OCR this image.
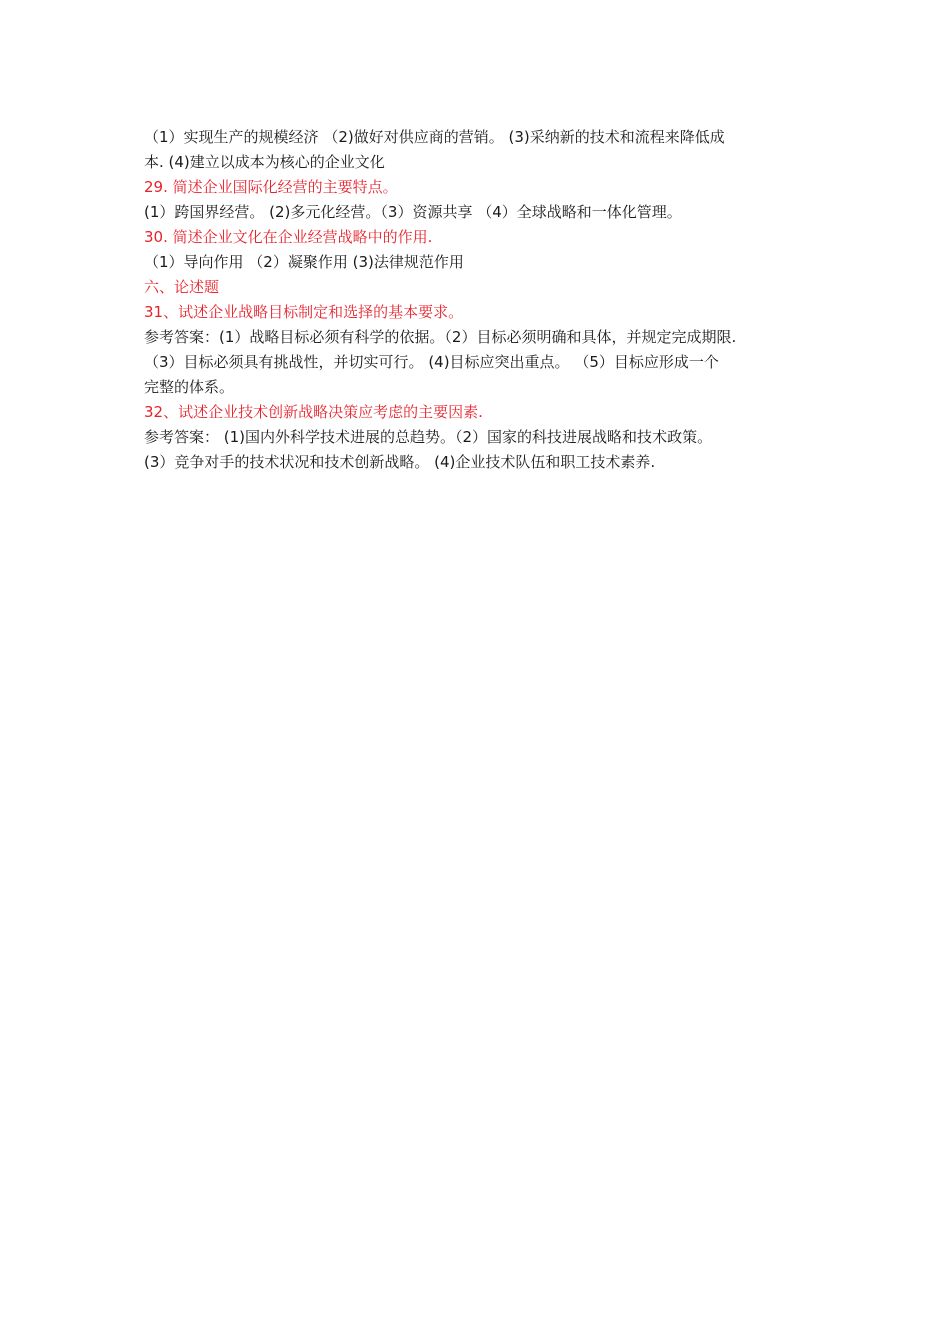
（1）实现生产的规模经济 （2)做好对供应商的营销。 (3)采纳新的技术和流程来降低成
本. (4)建立以成本为核心的企业文化
29. 简述企业国际化经营的主要特点。
(1）跨国界经营。 (2)多元化经营。（3）资源共享 （4）全球战略和一体化管理。
30. 简述企业文化在企业经营战略中的作用.
（1）导向作用 （2）凝聚作用 (3)法律规范作用
六、论述题
31、试述企业战略目标制定和选择的基本要求。
参考答案：(1）战略目标必须有科学的依据。（2）目标必须明确和具体，并规定完成期限.
（3）目标必须具有挑战性，并切实可行。 (4)目标应突出重点。 （5）目标应形成一个
完整的体系。
32、试述企业技术创新战略决策应考虑的主要因素.
参考答案： (1)国内外科学技术进展的总趋势。（2）国家的科技进展战略和技术政策。
(3）竞争对手的技术状况和技术创新战略。 (4)企业技术队伍和职工技术素养.
